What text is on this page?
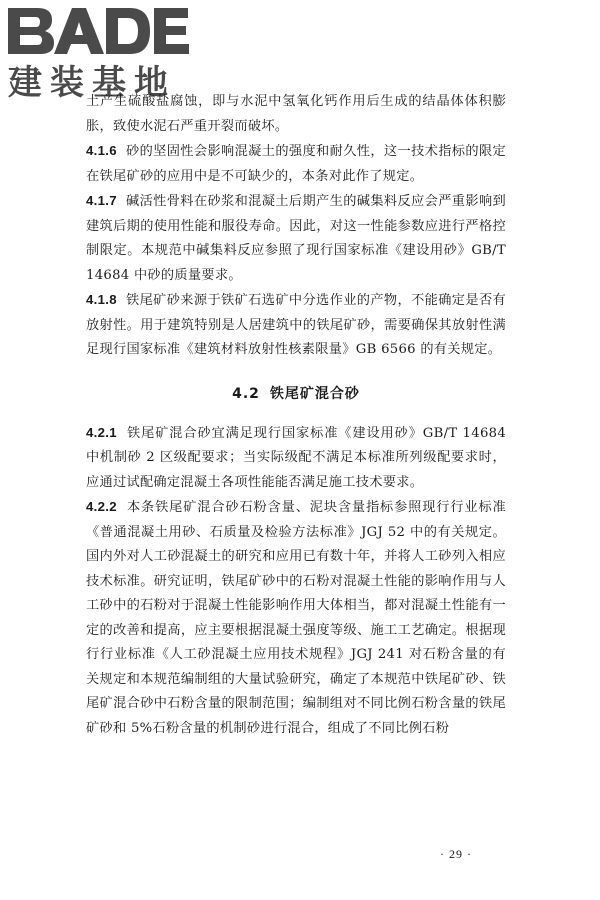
建装基地

土产生硫酸盐腐蚀，即与水泥中氢氧化钙作用后生成的结晶体体积膨胀，致使水泥石严重开裂而破坏。

4.1.6 砂的坚固性会影响混凝土的强度和耐久性，这一技术指标的限定在铁尾矿砂的应用中是不可缺少的，本条对此作了规定。

4.1.7 碱活性骨料在砂浆和混凝土后期产生的碱集料反应会严重影响到建筑后期的使用性能和服役寿命。因此，对这一性能参数应进行严格控制限定。本规范中碱集料反应参照了现行国家标准《建设用砂》GB/T 14684 中砂的质量要求。

4.1.8 铁尾矿砂来源于铁矿石选矿中分选作业的产物，不能确定是否有放射性。用于建筑特别是人居建筑中的铁尾矿砂，需要确保其放射性满足现行国家标准《建筑材料放射性核素限量》GB 6566 的有关规定。

4.2 铁尾矿混合砂

4.2.1 铁尾矿混合砂宜满足现行国家标准《建设用砂》GB/T 14684 中机制砂 2 区级配要求；当实际级配不满足本标准所列级配要求时，应通过试配确定混凝土各项性能能否满足施工技术要求。

4.2.2 本条铁尾矿混合砂石粉含量、泥块含量指标参照现行行业标准《普通混凝土用砂、石质量及检验方法标准》JGJ 52 中的有关规定。国内外对人工砂混凝土的研究和应用已有数十年，并将人工砂列入相应技术标准。研究证明，铁尾矿砂中的石粉对混凝土性能的影响作用与人工砂中的石粉对于混凝土性能影响作用大体相当，都对混凝土性能有一定的改善和提高，应主要根据混凝土强度等级、施工工艺确定。根据现行行业标准《人工砂混凝土应用技术规程》JGJ 241 对石粉含量的有关规定和本规范编制组的大量试验研究，确定了本规范中铁尾矿砂、铁尾矿混合砂中石粉含量的限制范围；编制组对不同比例石粉含量的铁尾矿砂和 5%石粉含量的机制砂进行混合，组成了不同比例石粉

· 29 ·
